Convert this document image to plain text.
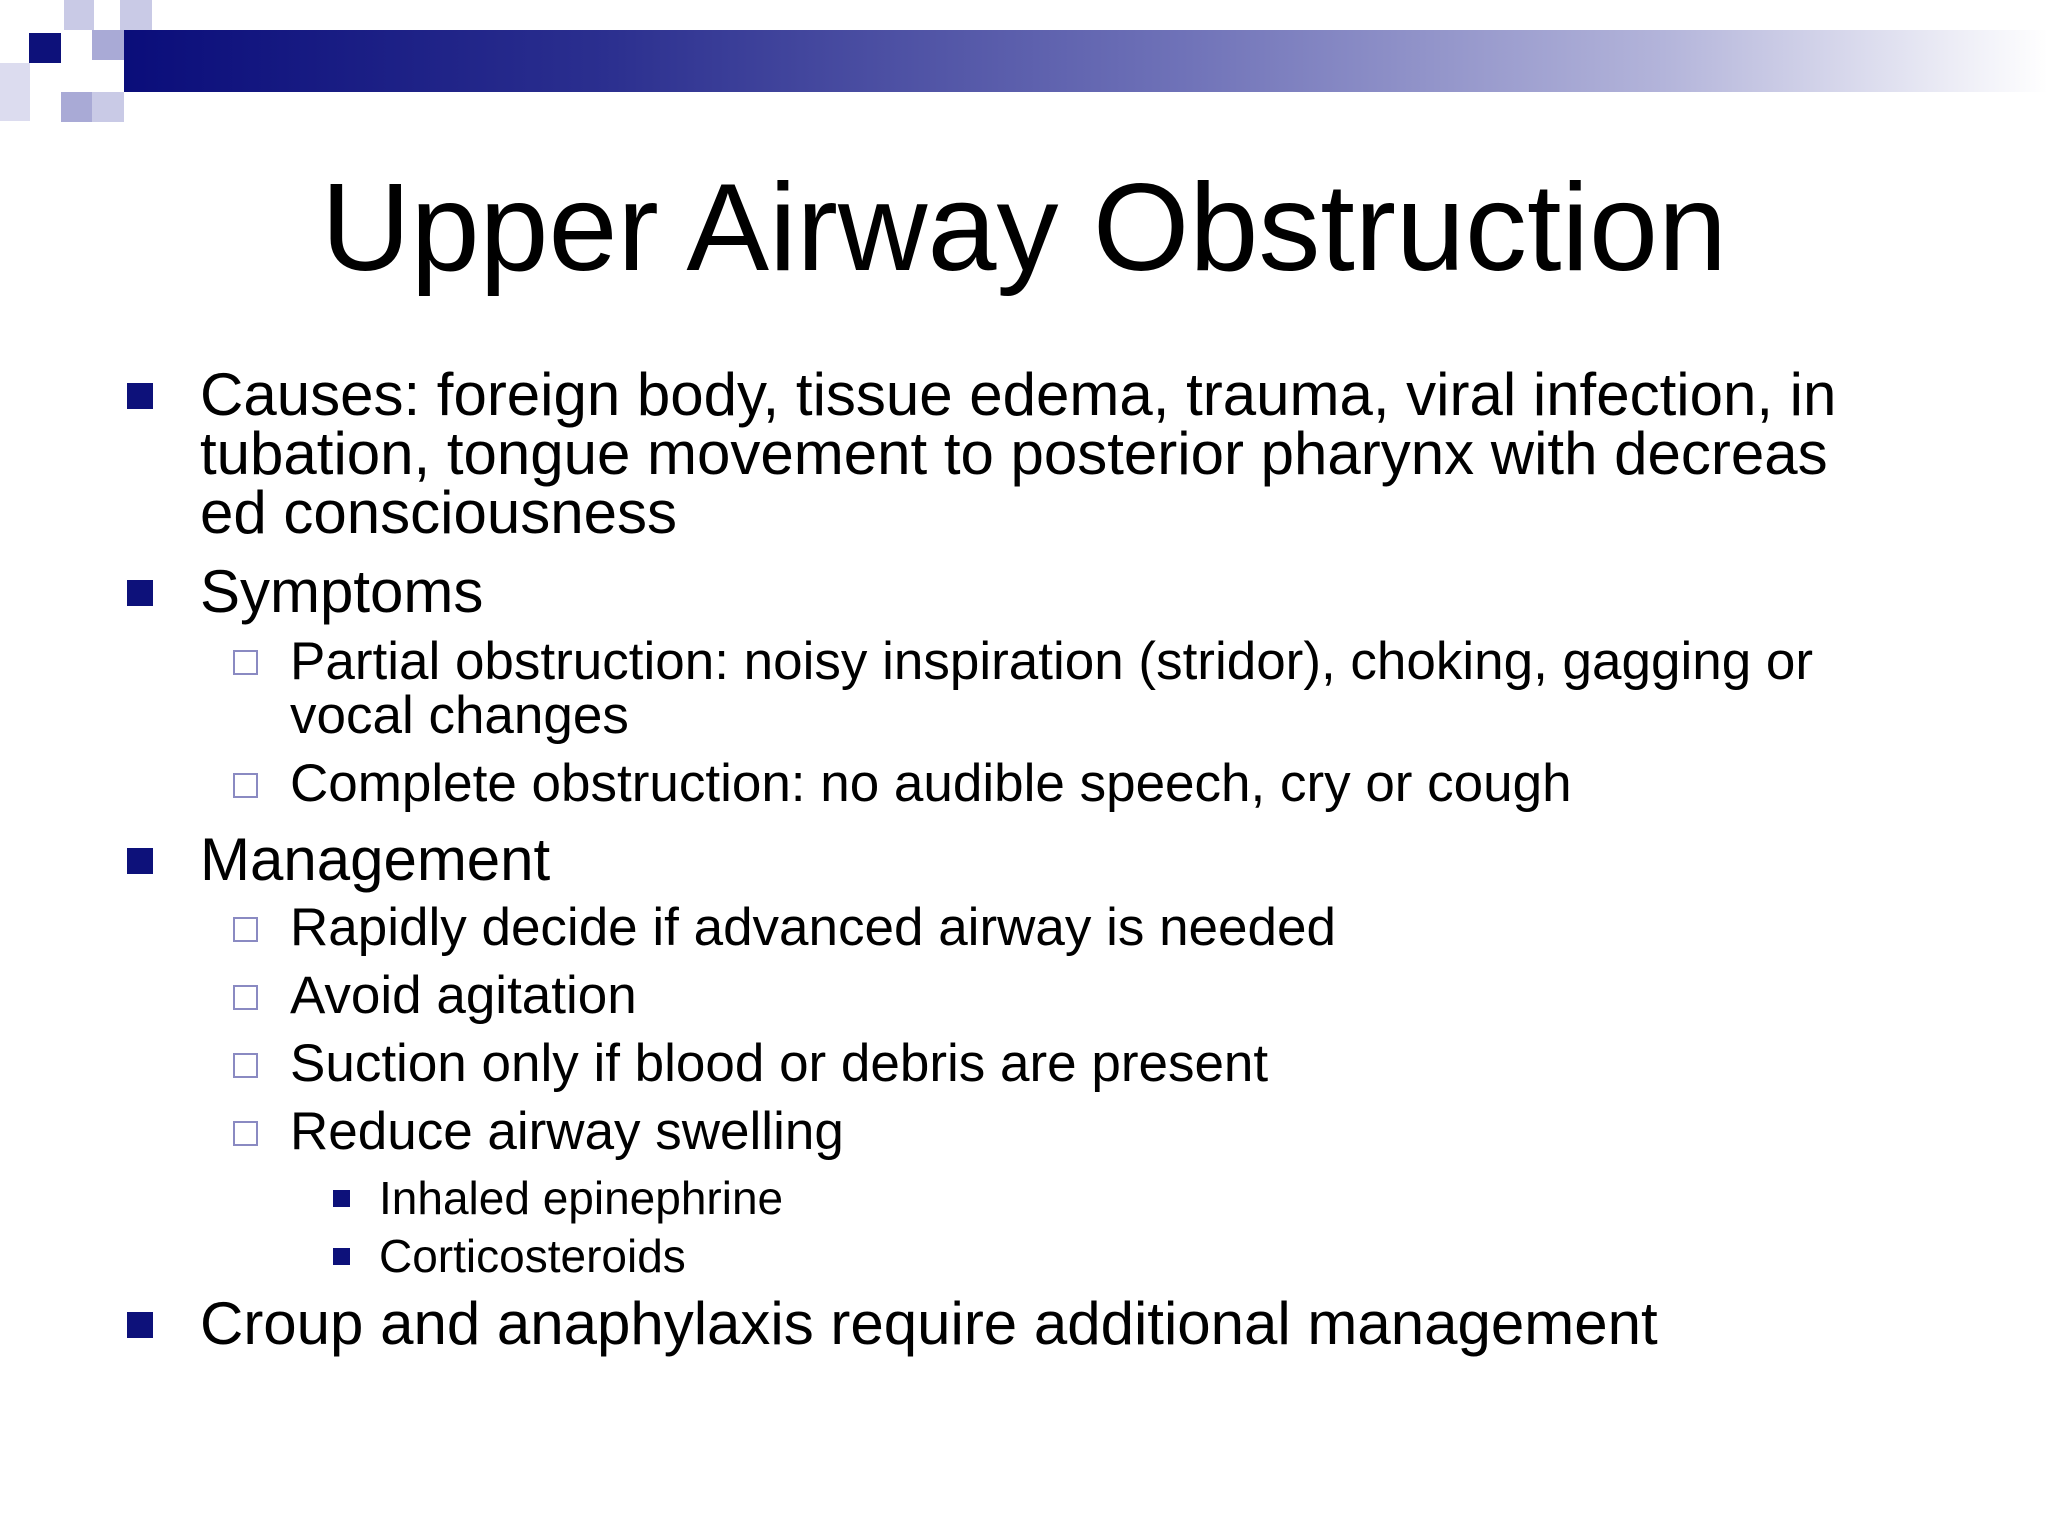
Upper Airway Obstruction
Causes: foreign body, tissue edema, trauma, viral infection, in
tubation, tongue movement to posterior pharynx with decreas
ed consciousness
Symptoms
Partial obstruction: noisy inspiration (stridor), choking, gagging or
vocal changes
Complete obstruction: no audible speech, cry or cough
Management
Rapidly decide if advanced airway is needed
Avoid agitation
Suction only if blood or debris are present
Reduce airway swelling
Inhaled epinephrine
Corticosteroids
Croup and anaphylaxis require additional management
